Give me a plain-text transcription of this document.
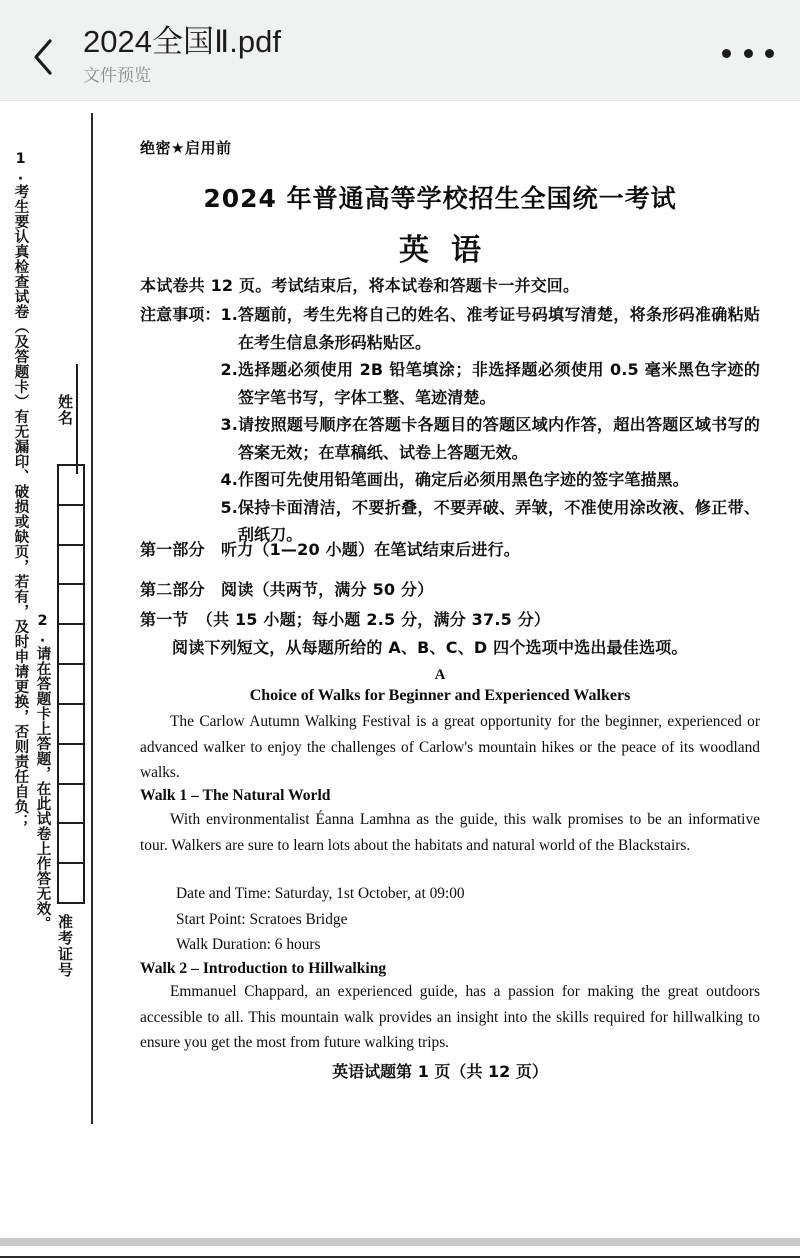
2024全国Ⅱ.pdf
文件预览
1.考生要认真检查试卷（及答题卡）有无漏印、破损或缺页，若有，及时申请更换，否则责任自负； 2.请在答题卡上答题，在此试卷上作答无效。
姓名
准考证号
绝密★启用前
2024 年普通高等学校招生全国统一考试
英语
本试卷共 12 页。考试结束后，将本试卷和答题卡一并交回。
注意事项： 1. 答题前，考生先将自己的姓名、准考证号码填写清楚，将条形码准确粘贴在考生信息条形码粘贴区。
2. 选择题必须使用 2B 铅笔填涂；非选择题必须使用 0.5 毫米黑色字迹的签字笔书写，字体工整、笔迹清楚。
3. 请按照题号顺序在答题卡各题目的答题区域内作答，超出答题区域书写的答案无效；在草稿纸、试卷上答题无效。
4. 作图可先使用铅笔画出，确定后必须用黑色字迹的签字笔描黑。
5. 保持卡面清洁，不要折叠，不要弄破、弄皱，不准使用涂改液、修正带、刮纸刀。
第一部分　听力（1—20 小题）在笔试结束后进行。
第二部分　阅读（共两节，满分 50 分）
第一节　（共 15 小题；每小题 2.5 分，满分 37.5 分）
阅读下列短文，从每题所给的 A、B、C、D 四个选项中选出最佳选项。
A
Choice of Walks for Beginner and Experienced Walkers
The Carlow Autumn Walking Festival is a great opportunity for the beginner, experienced or advanced walker to enjoy the challenges of Carlow's mountain hikes or the peace of its woodland walks.
Walk 1 – The Natural World
With environmentalist Éanna Lamhna as the guide, this walk promises to be an informative tour. Walkers are sure to learn lots about the habitats and natural world of the Blackstairs.
Date and Time: Saturday, 1st October, at 09:00
Start Point: Scratoes Bridge
Walk Duration: 6 hours
Walk 2 – Introduction to Hillwalking
Emmanuel Chappard, an experienced guide, has a passion for making the great outdoors accessible to all. This mountain walk provides an insight into the skills required for hillwalking to ensure you get the most from future walking trips.
英语试题第 1 页（共 12 页）
